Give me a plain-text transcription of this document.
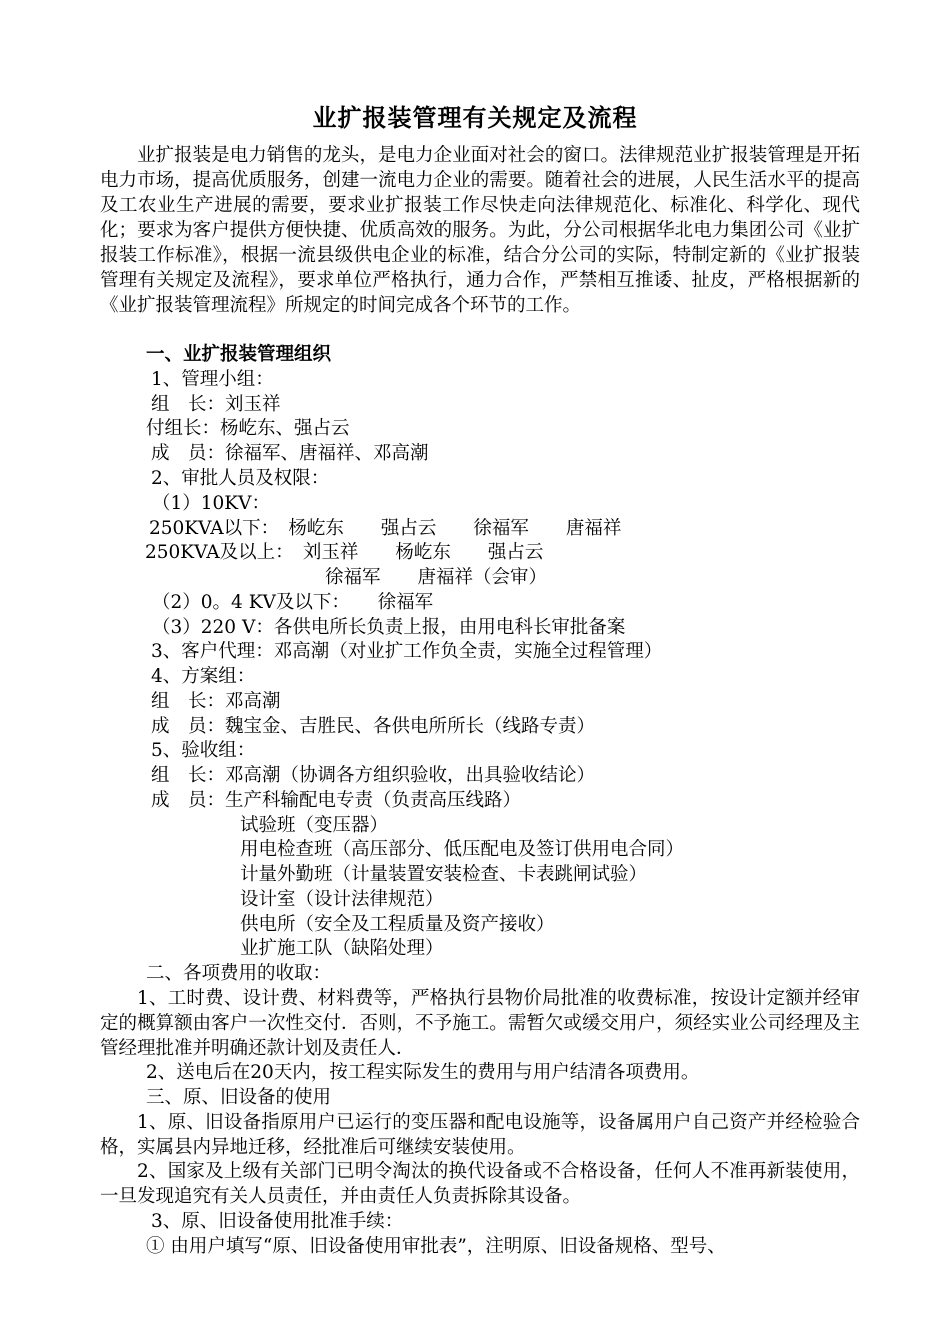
业扩报装管理有关规定及流程
业扩报装是电力销售的龙头，是电力企业面对社会的窗口。法律规范业扩报装管理是开拓电力市场，提高优质服务，创建一流电力企业的需要。随着社会的进展，人民生活水平的提高及工农业生产进展的需要，要求业扩报装工作尽快走向法律规范化、标准化、科学化、现代化；要求为客户提供方便快捷、优质高效的服务。为此，分公司根据华北电力集团公司《业扩报装工作标准》，根据一流县级供电企业的标准，结合分公司的实际，特制定新的《业扩报装管理有关规定及流程》，要求单位严格执行，通力合作，严禁相互推诿、扯皮，严格根据新的《业扩报装管理流程》所规定的时间完成各个环节的工作。
一、业扩报装管理组织
1、管理小组：
组　长：刘玉祥
付组长：杨屹东、强占云
成　员：徐福军、唐福祥、邓高潮
2、审批人员及权限：
（1）10KV：
250KVA以下：　杨屹东　　强占云　　徐福军　　唐福祥
250KVA及以上：　刘玉祥　　杨屹东　　强占云
徐福军　　唐福祥（会审）
（2）0。4 KV及以下：　　徐福军
（3）220 V：各供电所长负责上报，由用电科长审批备案
3、客户代理：邓高潮（对业扩工作负全责，实施全过程管理）
4、方案组：
组　长：邓高潮
成　员：魏宝金、吉胜民、各供电所所长（线路专责）
5、验收组：
组　长：邓高潮（协调各方组织验收，出具验收结论）
成　员：生产科输配电专责（负责高压线路）
试验班（变压器）
用电检查班（高压部分、低压配电及签订供用电合同）
计量外勤班（计量装置安装检查、卡表跳闸试验）
设计室（设计法律规范）
供电所（安全及工程质量及资产接收）
业扩施工队（缺陷处理）
二、各项费用的收取：
1、工时费、设计费、材料费等，严格执行县物价局批准的收费标准，按设计定额并经审定的概算额由客户一次性交付．否则，不予施工。需暂欠或缓交用户，须经实业公司经理及主管经理批准并明确还款计划及责任人．
2、送电后在20天内，按工程实际发生的费用与用户结清各项费用。
三、原、旧设备的使用
1、原、旧设备指原用户已运行的变压器和配电设施等，设备属用户自己资产并经检验合格，实属县内异地迁移，经批准后可继续安装使用。
2、国家及上级有关部门已明令淘汰的换代设备或不合格设备，任何人不准再新装使用，一旦发现追究有关人员责任，并由责任人负责拆除其设备。
3、原、旧设备使用批准手续：
① 由用户填写“原、旧设备使用审批表”，注明原、旧设备规格、型号、
